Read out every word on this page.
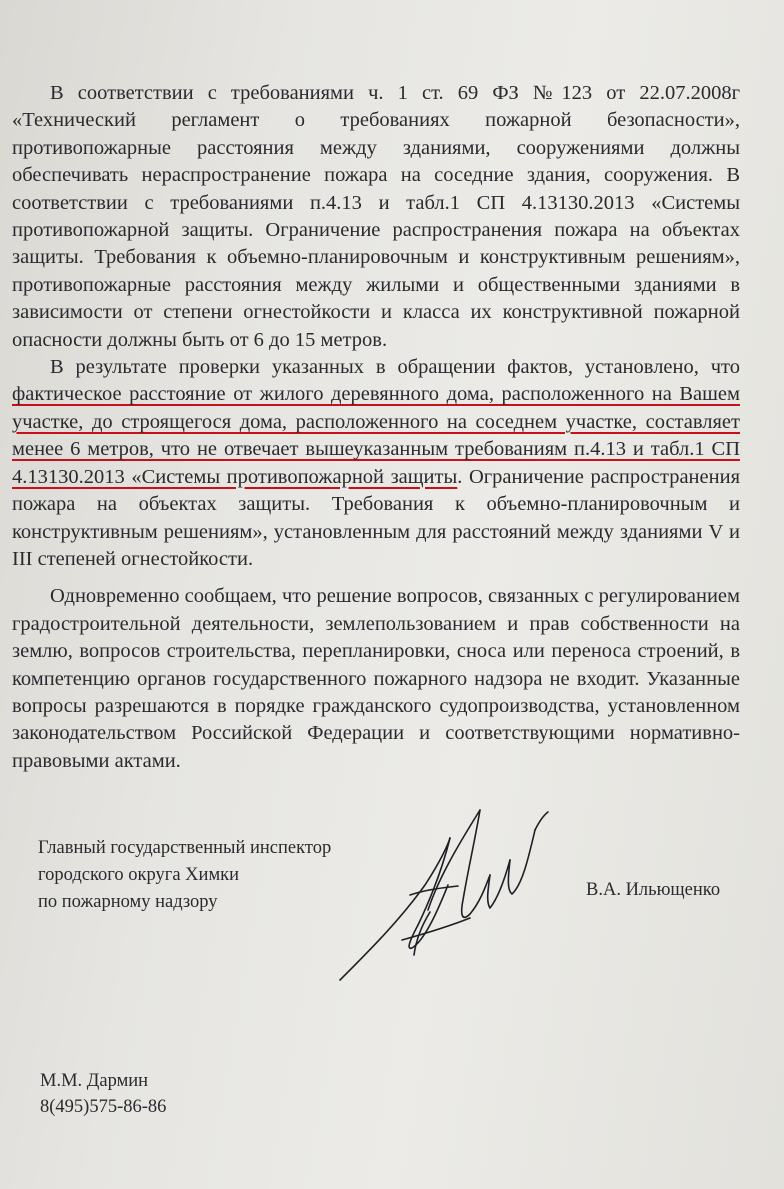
В соответствии с требованиями ч. 1 ст. 69 ФЗ №123 от 22.07.2008г «Технический регламент о требованиях пожарной безопасности», противопожарные расстояния между зданиями, сооружениями должны обеспечивать нераспространение пожара на соседние здания, сооружения. В соответствии с требованиями п.4.13 и табл.1 СП 4.13130.2013 «Системы противопожарной защиты. Ограничение распространения пожара на объектах защиты. Требования к объемно-планировочным и конструктивным решениям», противопожарные расстояния между жилыми и общественными зданиями в зависимости от степени огнестойкости и класса их конструктивной пожарной опасности должны быть от 6 до 15 метров.

В результате проверки указанных в обращении фактов, установлено, что фактическое расстояние от жилого деревянного дома, расположенного на Вашем участке, до строящегося дома, расположенного на соседнем участке, составляет менее 6 метров, что не отвечает вышеуказанным требованиям п.4.13 и табл.1 СП 4.13130.2013 «Системы противопожарной защиты. Ограничение распространения пожара на объектах защиты. Требования к объемно-планировочным и конструктивным решениям», установленным для расстояний между зданиями V и III степеней огнестойкости.

Одновременно сообщаем, что решение вопросов, связанных с регулированием градостроительной деятельности, землепользованием и прав собственности на землю, вопросов строительства, перепланировки, сноса или переноса строений, в компетенцию органов государственного пожарного надзора не входит. Указанные вопросы разрешаются в порядке гражданского судопроизводства, установленном законодательством Российской Федерации и соответствующими нормативно-правовыми актами.

Главный государственный инспектор
городского округа Химки
по пожарному надзору
В.А. Ильющенко
М.М. Дармин
8(495)575-86-86
